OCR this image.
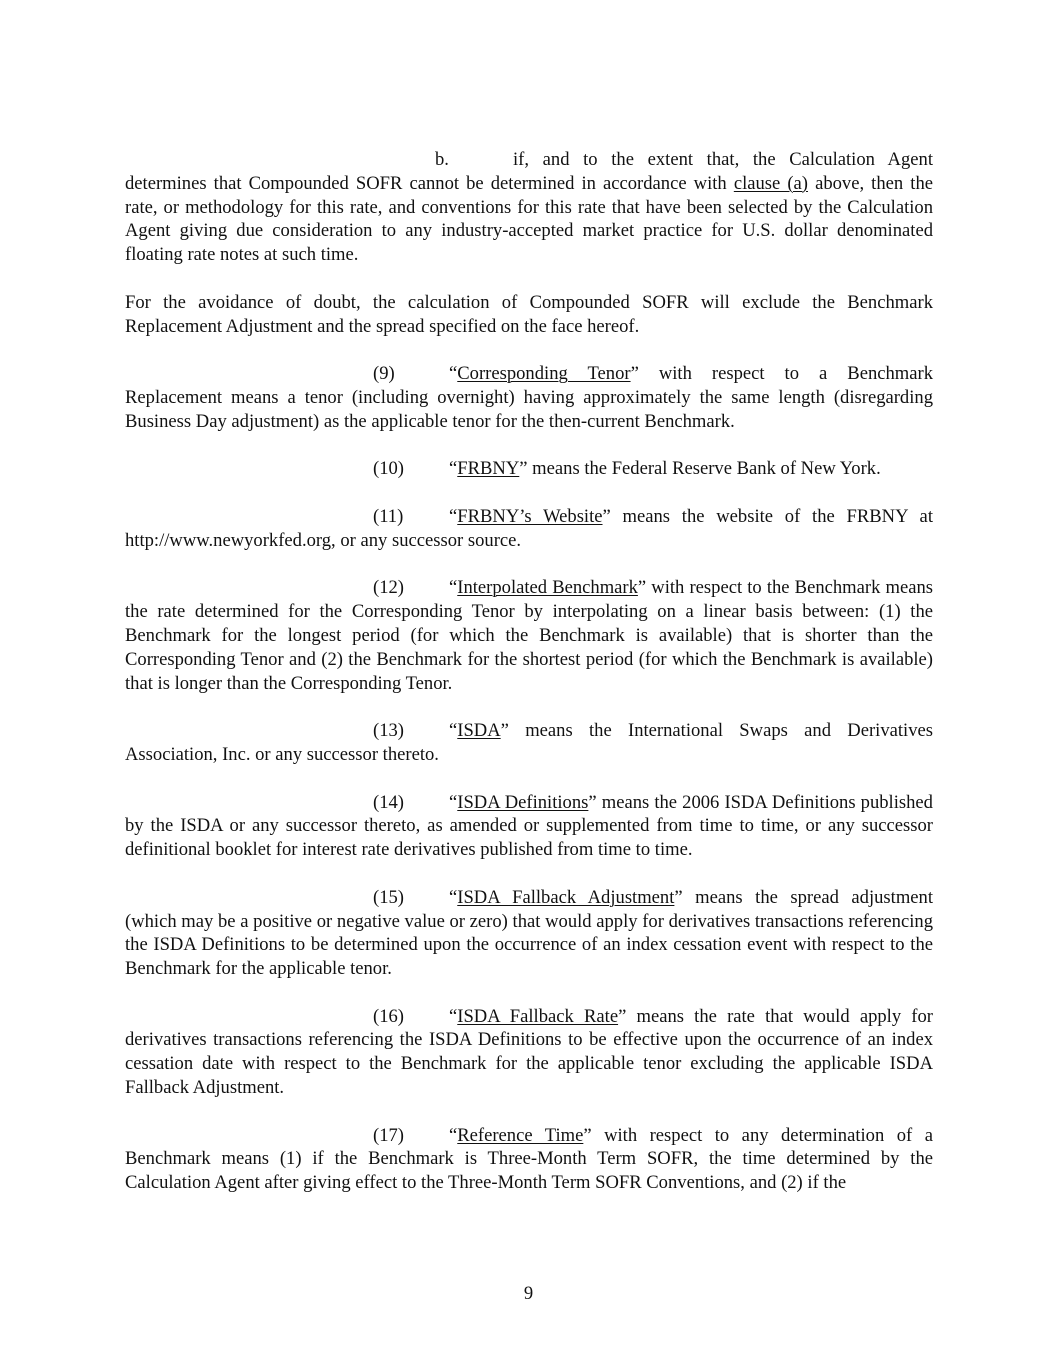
b.	if, and to the extent that, the Calculation Agent determines that Compounded SOFR cannot be determined in accordance with clause (a) above, then the rate, or methodology for this rate, and conventions for this rate that have been selected by the Calculation Agent giving due consideration to any industry-accepted market practice for U.S. dollar denominated floating rate notes at such time.

For the avoidance of doubt, the calculation of Compounded SOFR will exclude the Benchmark Replacement Adjustment and the spread specified on the face hereof.

(9)	“Corresponding Tenor” with respect to a Benchmark Replacement means a tenor (including overnight) having approximately the same length (disregarding Business Day adjustment) as the applicable tenor for the then-current Benchmark.

(10) “FRBNY” means the Federal Reserve Bank of New York.

(11) “FRBNY’s Website” means the website of the FRBNY at http://www.newyorkfed.org, or any successor source.

(12) “Interpolated Benchmark” with respect to the Benchmark means the rate determined for the Corresponding Tenor by interpolating on a linear basis between: (1) the Benchmark for the longest period (for which the Benchmark is available) that is shorter than the Corresponding Tenor and (2) the Benchmark for the shortest period (for which the Benchmark is available) that is longer than the Corresponding Tenor.

(13) “ISDA” means the International Swaps and Derivatives Association, Inc. or any successor thereto.

(14) “ISDA Definitions” means the 2006 ISDA Definitions published by the ISDA or any successor thereto, as amended or supplemented from time to time, or any successor definitional booklet for interest rate derivatives published from time to time.

(15) “ISDA Fallback Adjustment” means the spread adjustment (which may be a positive or negative value or zero) that would apply for derivatives transactions referencing the ISDA Definitions to be determined upon the occurrence of an index cessation event with respect to the Benchmark for the applicable tenor.

(16) “ISDA Fallback Rate” means the rate that would apply for derivatives transactions referencing the ISDA Definitions to be effective upon the occurrence of an index cessation date with respect to the Benchmark for the applicable tenor excluding the applicable ISDA Fallback Adjustment.

(17) “Reference Time” with respect to any determination of a Benchmark means (1) if the Benchmark is Three-Month Term SOFR, the time determined by the Calculation Agent after giving effect to the Three-Month Term SOFR Conventions, and (2) if the

9
